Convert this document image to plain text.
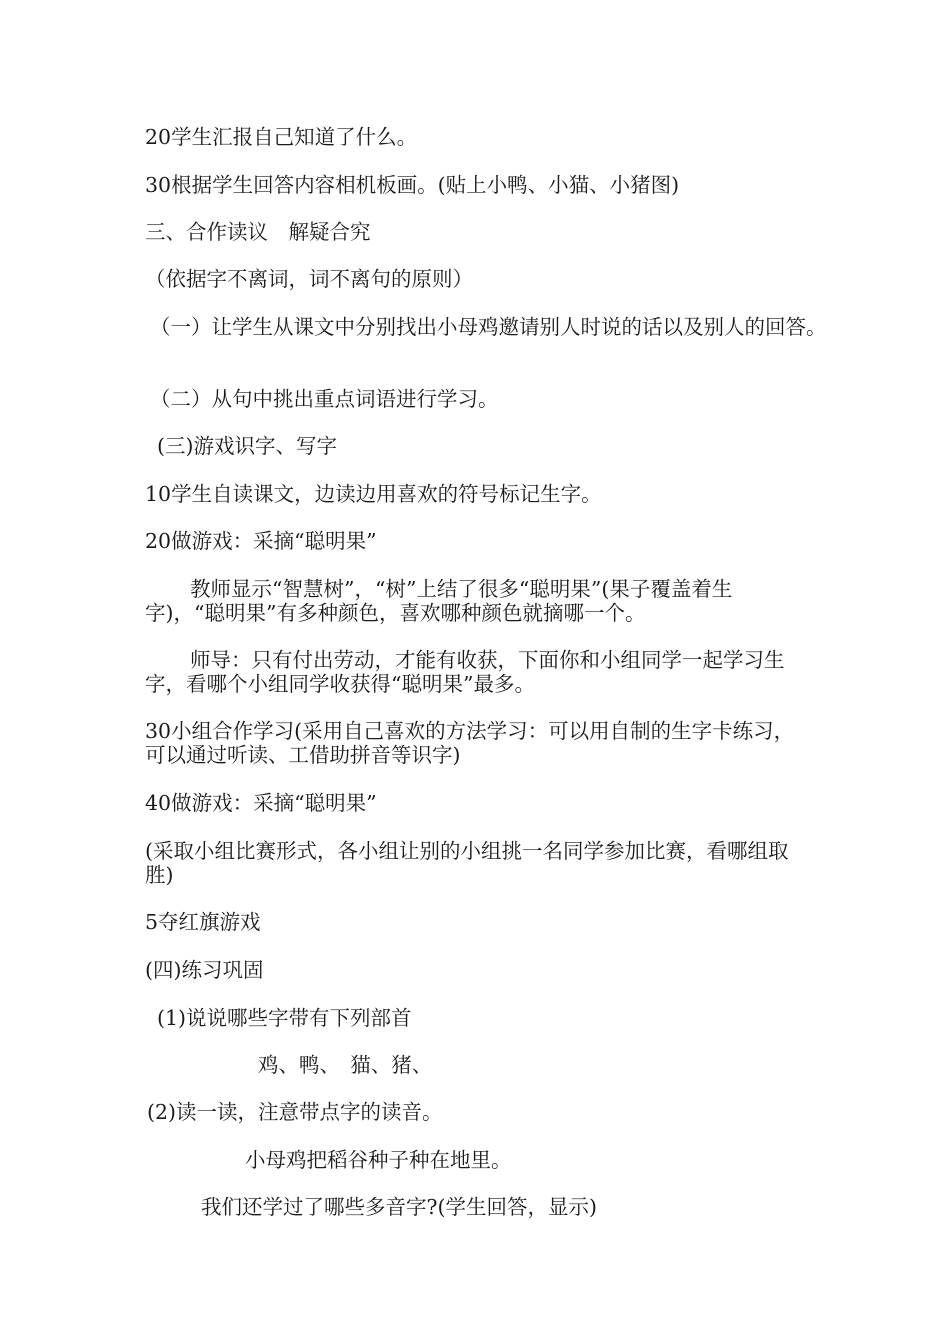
20学生汇报自己知道了什么。

30根据学生回答内容相机板画。(贴上小鸭、小猫、小猪图)

三、合作读议　解疑合究

（依据字不离词，词不离句的原则）

（一）让学生从课文中分别找出小母鸡邀请别人时说的话以及别人的回答。

（二）从句中挑出重点词语进行学习。

(三)游戏识字、写字

10学生自读课文，边读边用喜欢的符号标记生字。

20做游戏：采摘“聪明果”

教师显示“智慧树”，“树”上结了很多“聪明果”(果子覆盖着生字)，“聪明果”有多种颜色，喜欢哪种颜色就摘哪一个。

师导：只有付出劳动，才能有收获，下面你和小组同学一起学习生字，看哪个小组同学收获得“聪明果”最多。

30小组合作学习(采用自己喜欢的方法学习：可以用自制的生字卡练习，可以通过听读、工借助拼音等识字)

40做游戏：采摘“聪明果”

(采取小组比赛形式，各小组让别的小组挑一名同学参加比赛，看哪组取胜)

5夺红旗游戏

(四)练习巩固

(1)说说哪些字带有下列部首

鸡、鸭、　猫、猪、

(2)读一读，注意带点字的读音。

小母鸡把稻谷种子种在地里。

我们还学过了哪些多音字?(学生回答，显示)
